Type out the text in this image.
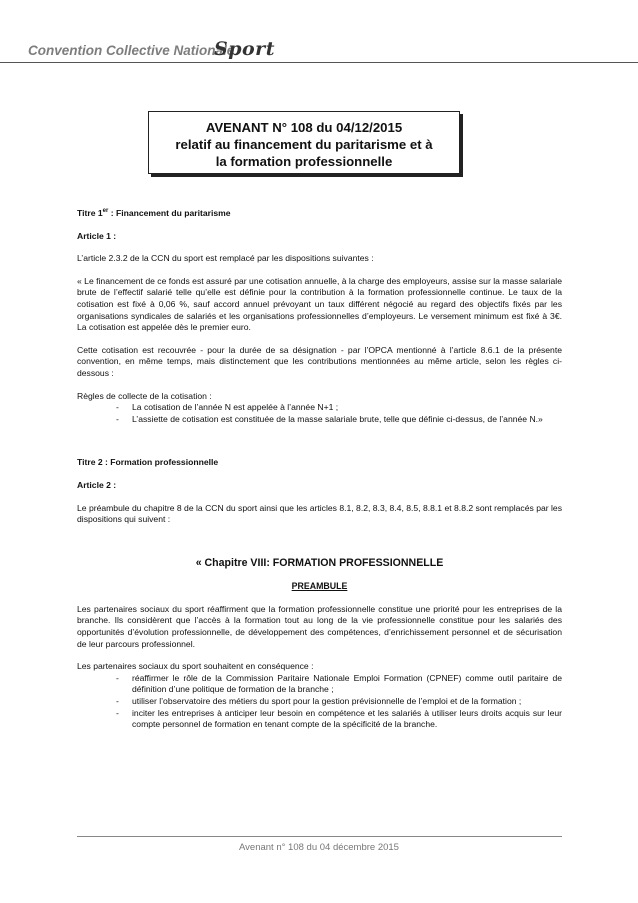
Convention Collective Nationale
Sport
AVENANT N° 108 du 04/12/2015
relatif au financement du paritarisme et à
la formation professionnelle

Titre 1er : Financement du paritarisme

Article 1 :

L’article 2.3.2 de la CCN du sport est remplacé par les dispositions suivantes :

« Le financement de ce fonds est assuré par une cotisation annuelle, à la charge des employeurs, assise sur la masse salariale brute de l’effectif salarié telle qu’elle est définie pour la contribution à la formation professionnelle continue. Le taux de la cotisation est fixé à 0,06 %, sauf accord annuel prévoyant un taux différent négocié au regard des objectifs fixés par les organisations syndicales de salariés et les organisations professionnelles d’employeurs. Le versement minimum est fixé à 3€. La cotisation est appelée dès le premier euro.

Cette cotisation est recouvrée - pour la durée de sa désignation - par l’OPCA mentionné à l’article 8.6.1 de la présente convention, en même temps, mais distinctement que les contributions mentionnées au même article, selon les règles ci-dessous :

Règles de collecte de la cotisation :

- La cotisation de l’année N est appelée à l’année N+1 ;
- L’assiette de cotisation est constituée de la masse salariale brute, telle que définie ci-dessus, de l’année N.»

Titre 2 : Formation professionnelle

Article 2 :

Le préambule du chapitre 8 de la CCN du sport ainsi que les articles 8.1, 8.2, 8.3, 8.4, 8.5, 8.8.1 et 8.8.2 sont remplacés par les dispositions qui suivent :

« Chapitre VIII: FORMATION PROFESSIONNELLE

PREAMBULE

Les partenaires sociaux du sport réaffirment que la formation professionnelle constitue une priorité pour les entreprises de la branche. Ils considèrent que l’accès à la formation tout au long de la vie professionnelle constitue pour les salariés des opportunités d’évolution professionnelle, de développement des compétences, d’enrichissement personnel et de sécurisation de leur parcours professionnel.

Les partenaires sociaux du sport souhaitent en conséquence :

- réaffirmer le rôle de la Commission Paritaire Nationale Emploi Formation (CPNEF) comme outil paritaire de définition d’une politique de formation de la branche ;
- utiliser l’observatoire des métiers du sport pour la gestion prévisionnelle de l’emploi et de la formation ;
- inciter les entreprises à anticiper leur besoin en compétence et les salariés à utiliser leurs droits acquis sur leur compte personnel de formation en tenant compte de la spécificité de la branche.
Avenant n° 108 du 04 décembre 2015
